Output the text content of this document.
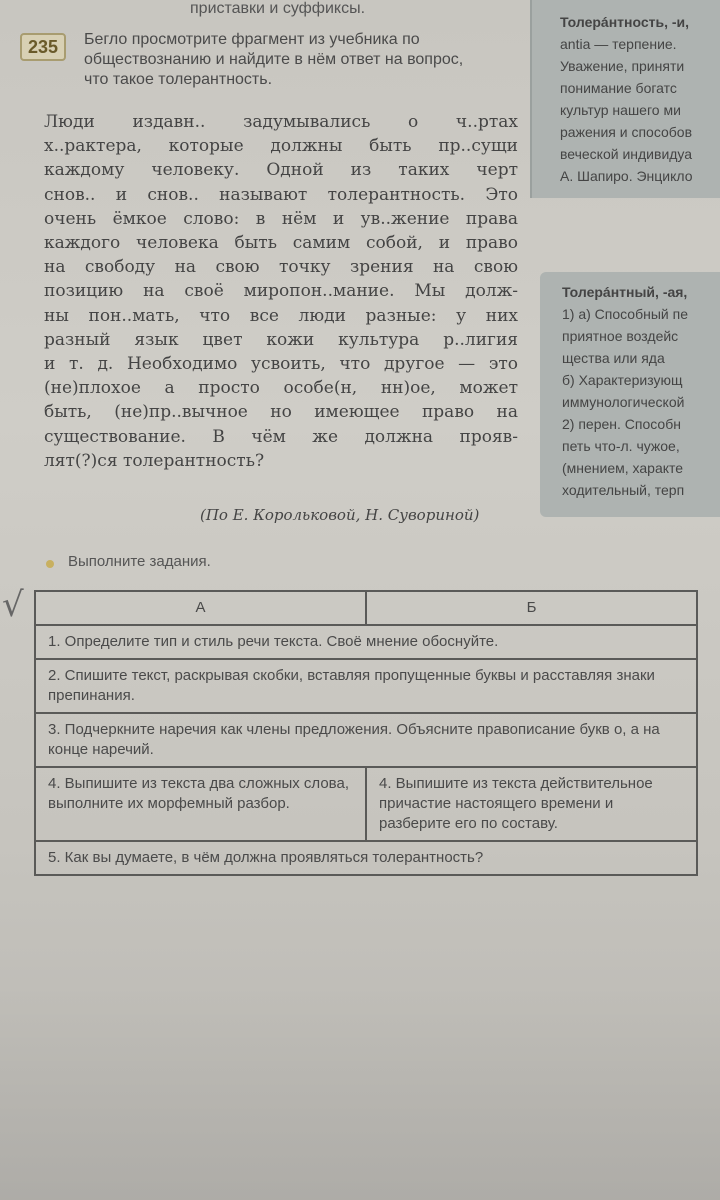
приставки и суффиксы.
235	Бегло просмотрите фрагмент из учебника по
обществознанию и найдите в нём ответ на вопрос,
что такое толерантность.
Люди издавн.. задумывались о ч..ртах
х..рактера, которые должны быть пр..сущи
каждому человеку. Одной из таких черт
снов.. и снов.. называют толерантность. Это
очень ёмкое слово: в нём и ув..жение права
каждого человека быть самим собой, и право
на свободу на свою точку зрения на свою
позицию на своё миропон..мание. Мы долж-
ны пон..мать, что все люди разные: у них
разный язык цвет кожи культура р..лигия
и т. д. Необходимо усвоить, что другое — это
(не)плохое а просто особе(н, нн)ое, может
быть, (не)пр..вычное но имеющее право на
существование. В чём же должна прояв-
лят(?)ся толерантность?
(По Е. Корольковой, Н. Сувориной)
Толерáнтность, -и,
antia — терпение.
Уважение, приняти
понимание богатс
культур нашего ми
ражения и способов
веческой индивидуа
А. Шапиро. Энцикло
Толерáнтный, -ая,
1) а) Способный пе
приятное воздейс
щества или яда
б) Характеризующ
иммунологической
2) перен. Способн
петь что-л. чужое,
(мнением, характе
ходительный, терп
Выполните задания.
√	А	Б
1. Определите тип и стиль речи текста. Своё мнение обоснуйте.	
2. Спишите текст, раскрывая скобки, вставляя пропущенные буквы и расставляя знаки препинания.	
3. Подчеркните наречия как члены предложения. Объясните правописание букв о, а на конце наречий.	
4. Выпишите из текста два сложных слова, выполните их морфемный разбор.	4. Выпишите из текста действительное причастие настоящего времени и разберите его по составу.
5. Как вы думаете, в чём должна проявляться толерантность?	
